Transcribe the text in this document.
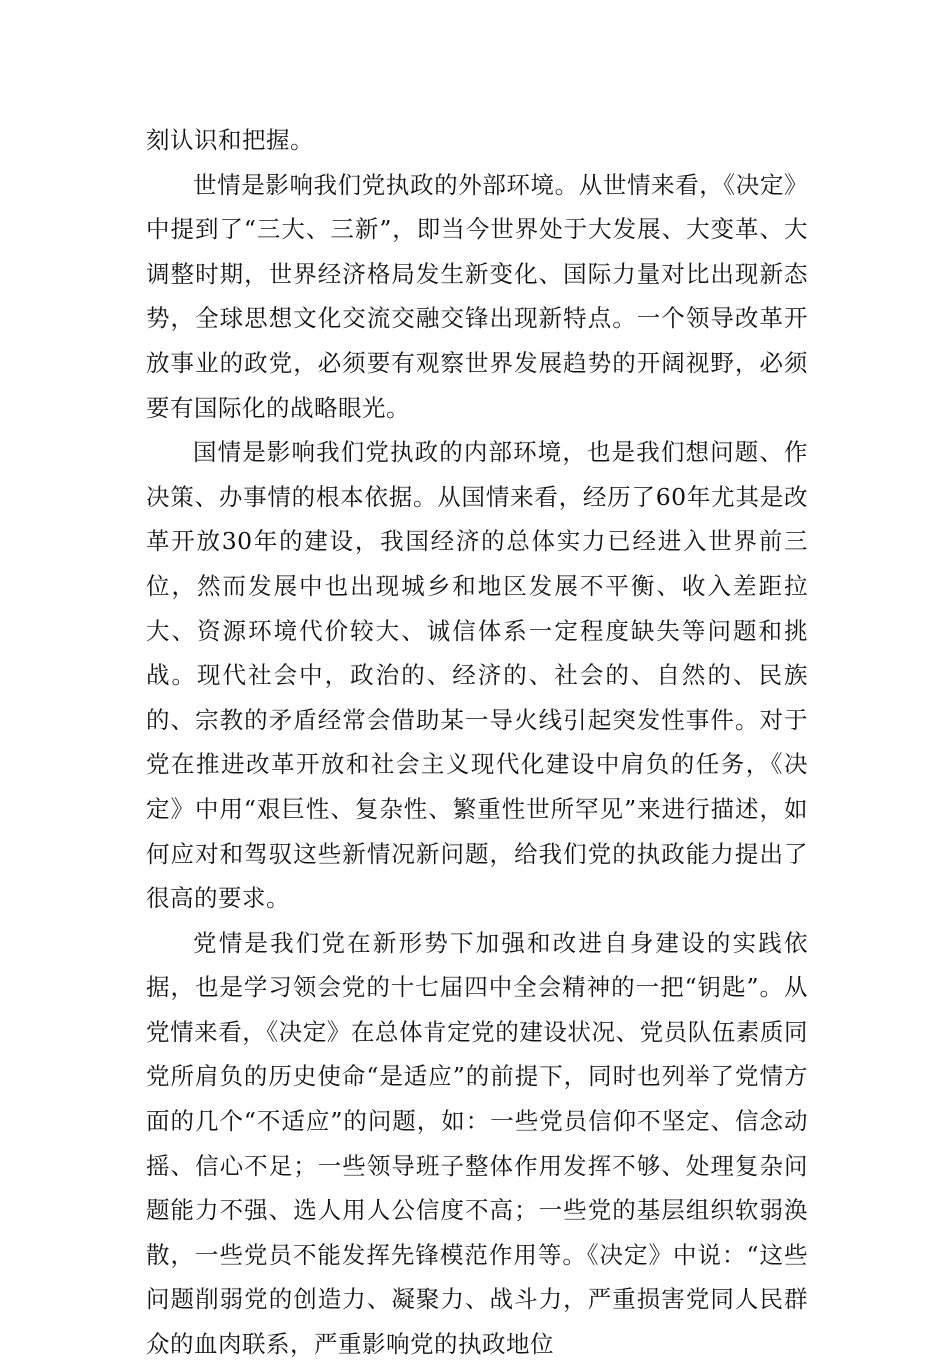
刻认识和把握。

世情是影响我们党执政的外部环境。从世情来看，《决定》中提到了“三大、三新”，即当今世界处于大发展、大变革、大调整时期，世界经济格局发生新变化、国际力量对比出现新态势，全球思想文化交流交融交锋出现新特点。一个领导改革开放事业的政党，必须要有观察世界发展趋势的开阔视野，必须要有国际化的战略眼光。

国情是影响我们党执政的内部环境，也是我们想问题、作决策、办事情的根本依据。从国情来看，经历了60年尤其是改革开放30年的建设，我国经济的总体实力已经进入世界前三位，然而发展中也出现城乡和地区发展不平衡、收入差距拉大、资源环境代价较大、诚信体系一定程度缺失等问题和挑战。现代社会中，政治的、经济的、社会的、自然的、民族的、宗教的矛盾经常会借助某一导火线引起突发性事件。对于党在推进改革开放和社会主义现代化建设中肩负的任务，《决定》中用“艰巨性、复杂性、繁重性世所罕见”来进行描述，如何应对和驾驭这些新情况新问题，给我们党的执政能力提出了很高的要求。

党情是我们党在新形势下加强和改进自身建设的实践依据，也是学习领会党的十七届四中全会精神的一把“钥匙”。从党情来看，《决定》在总体肯定党的建设状况、党员队伍素质同党所肩负的历史使命“是适应”的前提下，同时也列举了党情方面的几个“不适应”的问题，如：一些党员信仰不坚定、信念动摇、信心不足；一些领导班子整体作用发挥不够、处理复杂问题能力不强、选人用人公信度不高；一些党的基层组织软弱涣散，一些党员不能发挥先锋模范作用等。《决定》中说：“这些问题削弱党的创造力、凝聚力、战斗力，严重损害党同人民群众的血肉联系，严重影响党的执政地位
